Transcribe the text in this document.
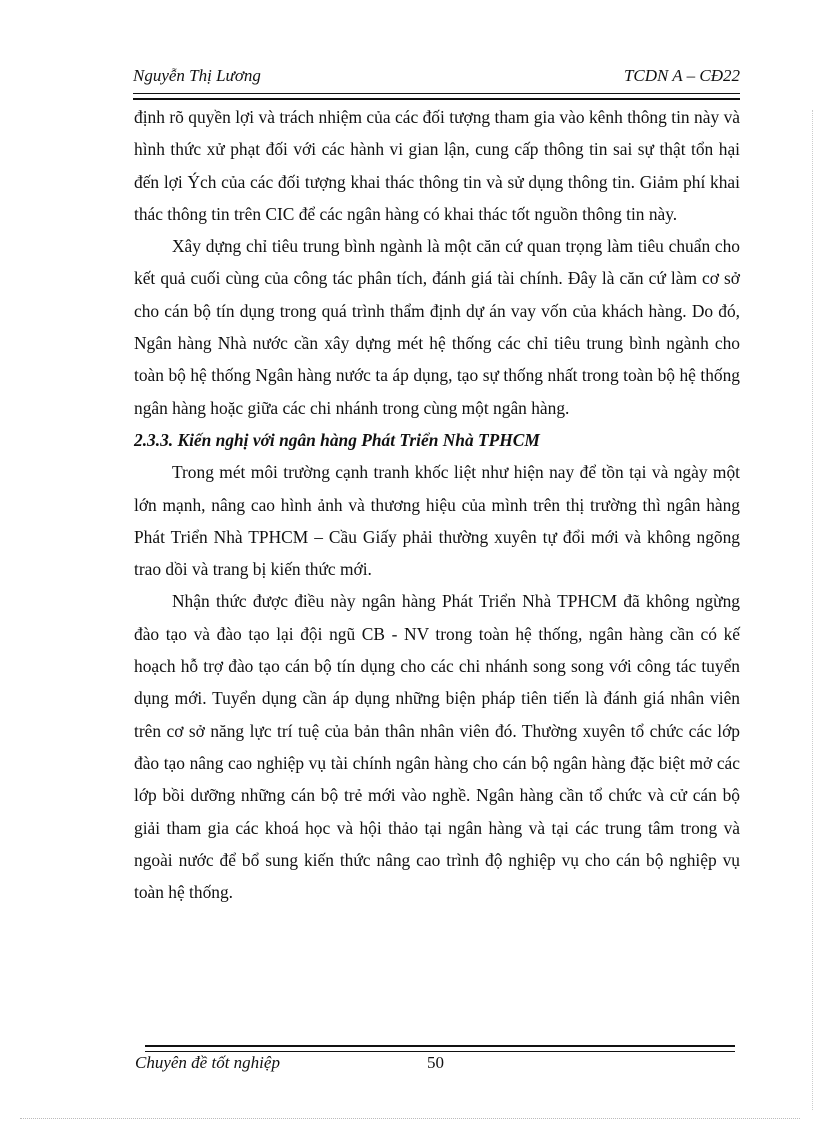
Nguyễn Thị Lương	TCDN A – CĐ22

định rõ quyền lợi và trách nhiệm của các đối tượng tham gia vào kênh thông tin này và hình thức xử phạt đối với các hành vi gian lận, cung cấp thông tin sai sự thật tổn hại đến lợi Ých của các đối tượng khai thác thông tin và sử dụng thông tin. Giảm phí khai thác thông tin trên CIC để các ngân hàng có khai thác tốt nguồn thông tin này.

Xây dựng chỉ tiêu trung bình ngành là một căn cứ quan trọng làm tiêu chuẩn cho kết quả cuối cùng của công tác phân tích, đánh giá tài chính. Đây là căn cứ làm cơ sở cho cán bộ tín dụng trong quá trình thẩm định dự án vay vốn của khách hàng. Do đó, Ngân hàng Nhà nước cần xây dựng mét hệ thống các chỉ tiêu trung bình ngành cho toàn bộ hệ thống Ngân hàng nước ta áp dụng, tạo sự thống nhất trong toàn bộ hệ thống ngân hàng hoặc giữa các chi nhánh trong cùng một ngân hàng.

2.3.3. Kiến nghị với ngân hàng Phát Triển Nhà TPHCM

Trong mét môi trường cạnh tranh khốc liệt như hiện nay để tồn tại và ngày một lớn mạnh, nâng cao hình ảnh và thương hiệu của mình trên thị trường thì ngân hàng Phát Triển Nhà TPHCM – Cầu Giấy phải thường xuyên tự đổi mới và không ngõng trao dồi và trang bị kiến thức mới.

Nhận thức được điều này ngân hàng Phát Triển Nhà TPHCM đã không ngừng đào tạo và đào tạo lại đội ngũ CB - NV trong toàn hệ thống, ngân hàng cần có kế hoạch hỗ trợ đào tạo cán bộ tín dụng cho các chi nhánh song song với công tác tuyển dụng mới. Tuyển dụng cần áp dụng những biện pháp tiên tiến là đánh giá nhân viên trên cơ sở năng lực trí tuệ của bản thân nhân viên đó. Thường xuyên tổ chức các lớp đào tạo nâng cao nghiệp vụ tài chính ngân hàng cho cán bộ ngân hàng đặc biệt mở các lớp bồi dưỡng những cán bộ trẻ mới vào nghề. Ngân hàng cần tổ chức và cử cán bộ giải tham gia các khoá học và hội thảo tại ngân hàng và tại các trung tâm trong và ngoài nước để bổ sung kiến thức nâng cao trình độ nghiệp vụ cho cán bộ nghiệp vụ toàn hệ thống.

Chuyên đề tốt nghiệp	50
